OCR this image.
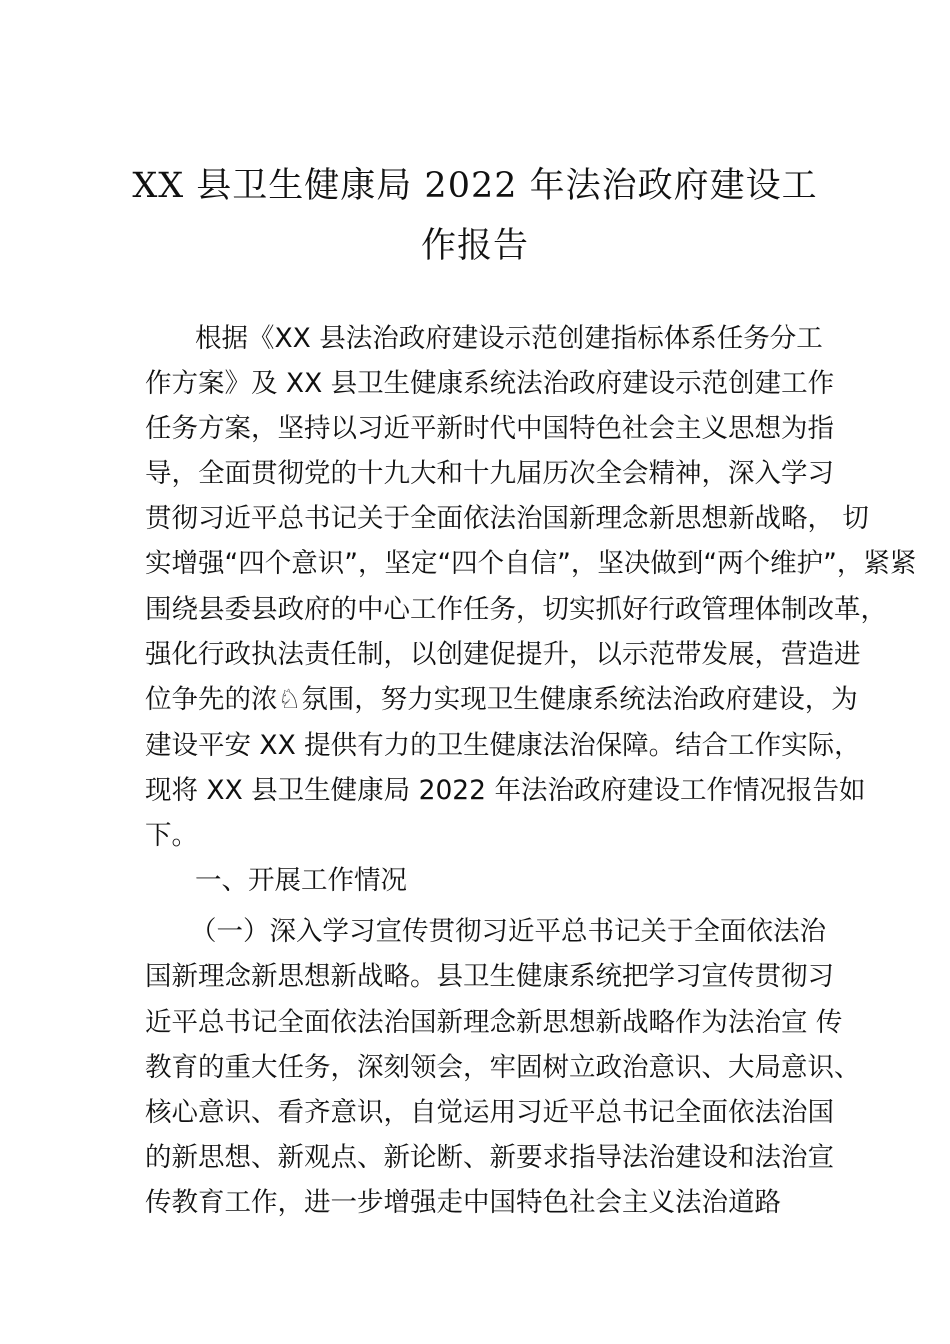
XX 县卫生健康局 2022 年法治政府建设工
作报告
根据《XX 县法治政府建设示范创建指标体系任务分工
作方案》及 XX 县卫生健康系统法治政府建设示范创建工作
任务方案，坚持以习近平新时代中国特色社会主义思想为指
导，全面贯彻党的十九大和十九届历次全会精神，深入学习
贯彻习近平总书记关于全面依法治国新理念新思想新战略， 切
实增强“四个意识”，坚定“四个自信”，坚决做到“两个维护”，紧紧
围绕县委县政府的中心工作任务，切实抓好行政管理体制改革，
强化行政执法责任制，以创建促提升，以示范带发展，营造进
位争先的浓♘氛围，努力实现卫生健康系统法治政府建设，为
建设平安 XX 提供有力的卫生健康法治保障。结合工作实际，
现将 XX 县卫生健康局 2022 年法治政府建设工作情况报告如
下。
一、开展工作情况
（一）深入学习宣传贯彻习近平总书记关于全面依法治
国新理念新思想新战略。县卫生健康系统把学习宣传贯彻习
近平总书记全面依法治国新理念新思想新战略作为法治宣 传
教育的重大任务，深刻领会，牢固树立政治意识、大局意识、
核心意识、看齐意识，自觉运用习近平总书记全面依法治国
的新思想、新观点、新论断、新要求指导法治建设和法治宣
传教育工作，进一步增强走中国特色社会主义法治道路
